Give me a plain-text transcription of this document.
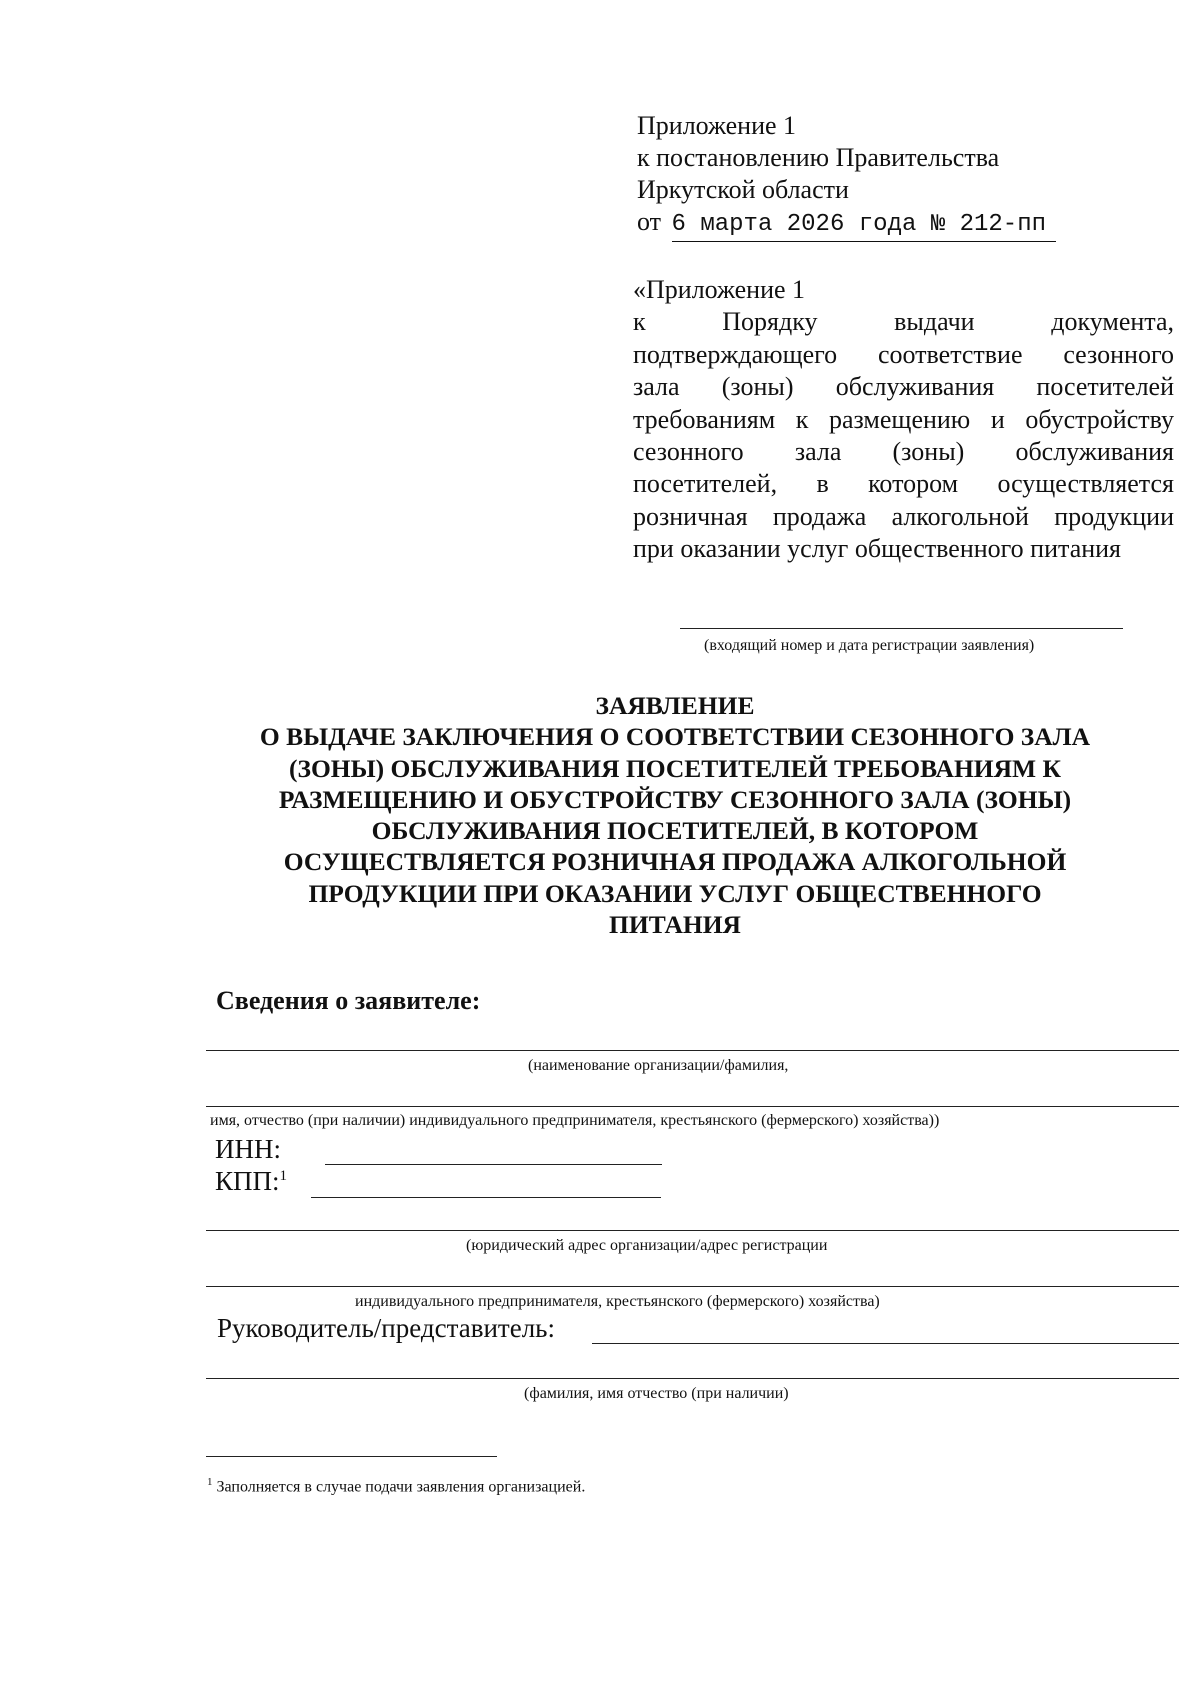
Приложение 1
к постановлению Правительства
Иркутской области
от 6 марта 2026 года № 212-пп

«Приложение 1

к Порядку выдачи документа,

подтверждающего соответствие сезонного

зала (зоны) обслуживания посетителей

требованиям к размещению и обустройству

сезонного зала (зоны) обслуживания

посетителей, в котором осуществляется

розничная продажа алкогольной продукции

при оказании услуг общественного питания

(входящий номер и дата регистрации заявления)
ЗАЯВЛЕНИЕ
О ВЫДАЧЕ ЗАКЛЮЧЕНИЯ О СООТВЕТСТВИИ СЕЗОННОГО ЗАЛА
(ЗОНЫ) ОБСЛУЖИВАНИЯ ПОСЕТИТЕЛЕЙ ТРЕБОВАНИЯМ К
РАЗМЕЩЕНИЮ И ОБУСТРОЙСТВУ СЕЗОННОГО ЗАЛА (ЗОНЫ)
ОБСЛУЖИВАНИЯ ПОСЕТИТЕЛЕЙ, В КОТОРОМ
ОСУЩЕСТВЛЯЕТСЯ РОЗНИЧНАЯ ПРОДАЖА АЛКОГОЛЬНОЙ
ПРОДУКЦИИ ПРИ ОКАЗАНИИ УСЛУГ ОБЩЕСТВЕННОГО
ПИТАНИЯ
Сведения о заявителе:
(наименование организации/фамилия,
имя, отчество (при наличии) индивидуального предпринимателя, крестьянского (фермерского) хозяйства))
ИНН:
КПП:$^1$
(юридический адрес организации/адрес регистрации
индивидуального предпринимателя, крестьянского (фермерского) хозяйства)
Руководитель/представитель:
(фамилия, имя отчество (при наличии)
$^1$ Заполняется в случае подачи заявления организацией.
